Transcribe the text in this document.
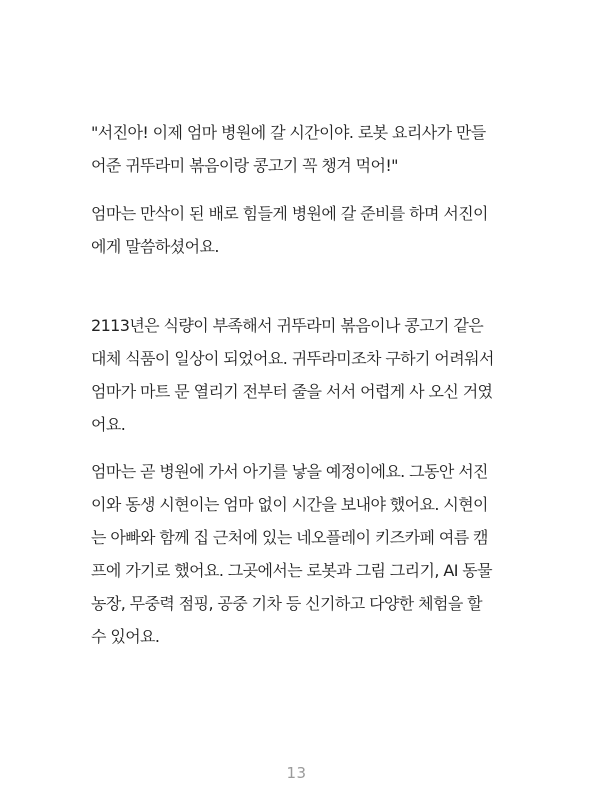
"서진아! 이제 엄마 병원에 갈 시간이야. 로봇 요리사가 만들
어준 귀뚜라미 볶음이랑 콩고기 꼭 챙겨 먹어!"
엄마는 만삭이 된 배로 힘들게 병원에 갈 준비를 하며 서진이
에게 말씀하셨어요.
2113년은 식량이 부족해서 귀뚜라미 볶음이나 콩고기 같은
대체 식품이 일상이 되었어요. 귀뚜라미조차 구하기 어려워서
엄마가 마트 문 열리기 전부터 줄을 서서 어렵게 사 오신 거였
어요.
엄마는 곧 병원에 가서 아기를 낳을 예정이에요. 그동안 서진
이와 동생 시현이는 엄마 없이 시간을 보내야 했어요. 시현이
는 아빠와 함께 집 근처에 있는 네오플레이 키즈카페 여름 캠
프에 가기로 했어요. 그곳에서는 로봇과 그림 그리기, AI 동물
농장, 무중력 점핑, 공중 기차 등 신기하고 다양한 체험을 할
수 있어요.
13
